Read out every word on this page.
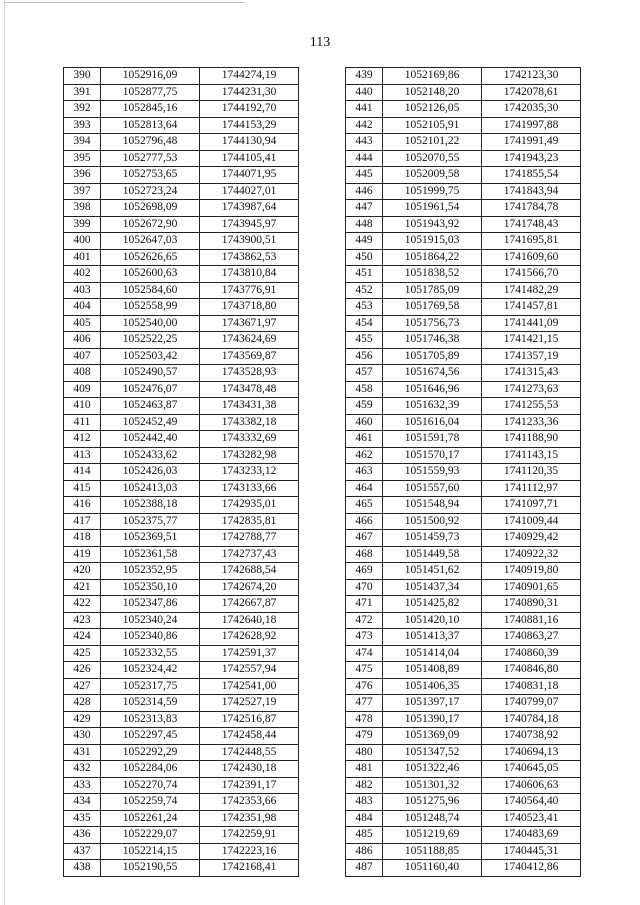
113
390	1052916,09	1744274,19
391	1052877,75	1744231,30
392	1052845,16	1744192,70
393	1052813,64	1744153,29
394	1052796,48	1744130,94
395	1052777,53	1744105,41
396	1052753,65	1744071,95
397	1052723,24	1744027,01
398	1052698,09	1743987,64
399	1052672,90	1743945,97
400	1052647,03	1743900,51
401	1052626,65	1743862,53
402	1052600,63	1743810,84
403	1052584,60	1743776,91
404	1052558,99	1743718,80
405	1052540,00	1743671,97
406	1052522,25	1743624,69
407	1052503,42	1743569,87
408	1052490,57	1743528,93
409	1052476,07	1743478,48
410	1052463,87	1743431,38
411	1052452,49	1743382,18
412	1052442,40	1743332,69
413	1052433,62	1743282,98
414	1052426,03	1743233,12
415	1052413,03	1743133,66
416	1052388,18	1742935,01
417	1052375,77	1742835,81
418	1052369,51	1742788,77
419	1052361,58	1742737,43
420	1052352,95	1742688,54
421	1052350,10	1742674,20
422	1052347,86	1742667,87
423	1052340,24	1742640,18
424	1052340,86	1742628,92
425	1052332,55	1742591,37
426	1052324,42	1742557,94
427	1052317,75	1742541,00
428	1052314,59	1742527,19
429	1052313,83	1742516,87
430	1052297,45	1742458,44
431	1052292,29	1742448,55
432	1052284,06	1742430,18
433	1052270,74	1742391,17
434	1052259,74	1742353,66
435	1052261,24	1742351,98
436	1052229,07	1742259,91
437	1052214,15	1742223,16
438	1052190,55	1742168,41
439	1052169,86	1742123,30
440	1052148,20	1742078,61
441	1052126,05	1742035,30
442	1052105,91	1741997,88
443	1052101,22	1741991,49
444	1052070,55	1741943,23
445	1052009,58	1741855,54
446	1051999,75	1741843,94
447	1051961,54	1741784,78
448	1051943,92	1741748,43
449	1051915,03	1741695,81
450	1051864,22	1741609,60
451	1051838,52	1741566,70
452	1051785,09	1741482,29
453	1051769,58	1741457,81
454	1051756,73	1741441,09
455	1051746,38	1741421,15
456	1051705,89	1741357,19
457	1051674,56	1741315,43
458	1051646,96	1741273,63
459	1051632,39	1741255,53
460	1051616,04	1741233,36
461	1051591,78	1741188,90
462	1051570,17	1741143,15
463	1051559,93	1741120,35
464	1051557,60	1741112,97
465	1051548,94	1741097,71
466	1051500,92	1741009,44
467	1051459,73	1740929,42
468	1051449,58	1740922,32
469	1051451,62	1740919,80
470	1051437,34	1740901,65
471	1051425,82	1740890,31
472	1051420,10	1740881,16
473	1051413,37	1740863,27
474	1051414,04	1740860,39
475	1051408,89	1740846,80
476	1051406,35	1740831,18
477	1051397,17	1740799,07
478	1051390,17	1740784,18
479	1051369,09	1740738,92
480	1051347,52	1740694,13
481	1051322,46	1740645,05
482	1051301,32	1740606,63
483	1051275,96	1740564,40
484	1051248,74	1740523,41
485	1051219,69	1740483,69
486	1051188,85	1740445,31
487	1051160,40	1740412,86
